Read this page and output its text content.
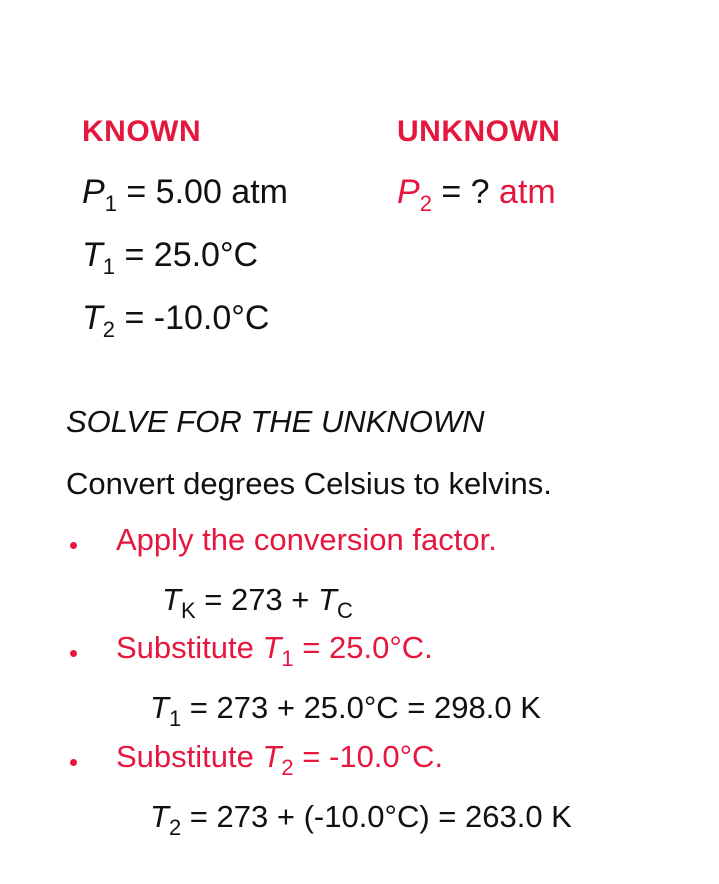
KNOWN	UNKNOWN
$P_1 = 5.00$ atm
$T_1 = 25.0^\circ C$
$T_2 = -10.0^\circ C$
$P_2$ = ? atm
SOLVE FOR THE UNKNOWN
Convert degrees Celsius to kelvins.
Apply the conversion factor.
$T_K = 273 + T_C$
Substitute $T_1 = 25.0^\circ C$.
$T_1 = 273 + 25.0^\circ C = 298.0$ K
Substitute $T_2 = -10.0^\circ C$.
$T_2 = 273 + (-10.0^\circ C) = 263.0$ K
